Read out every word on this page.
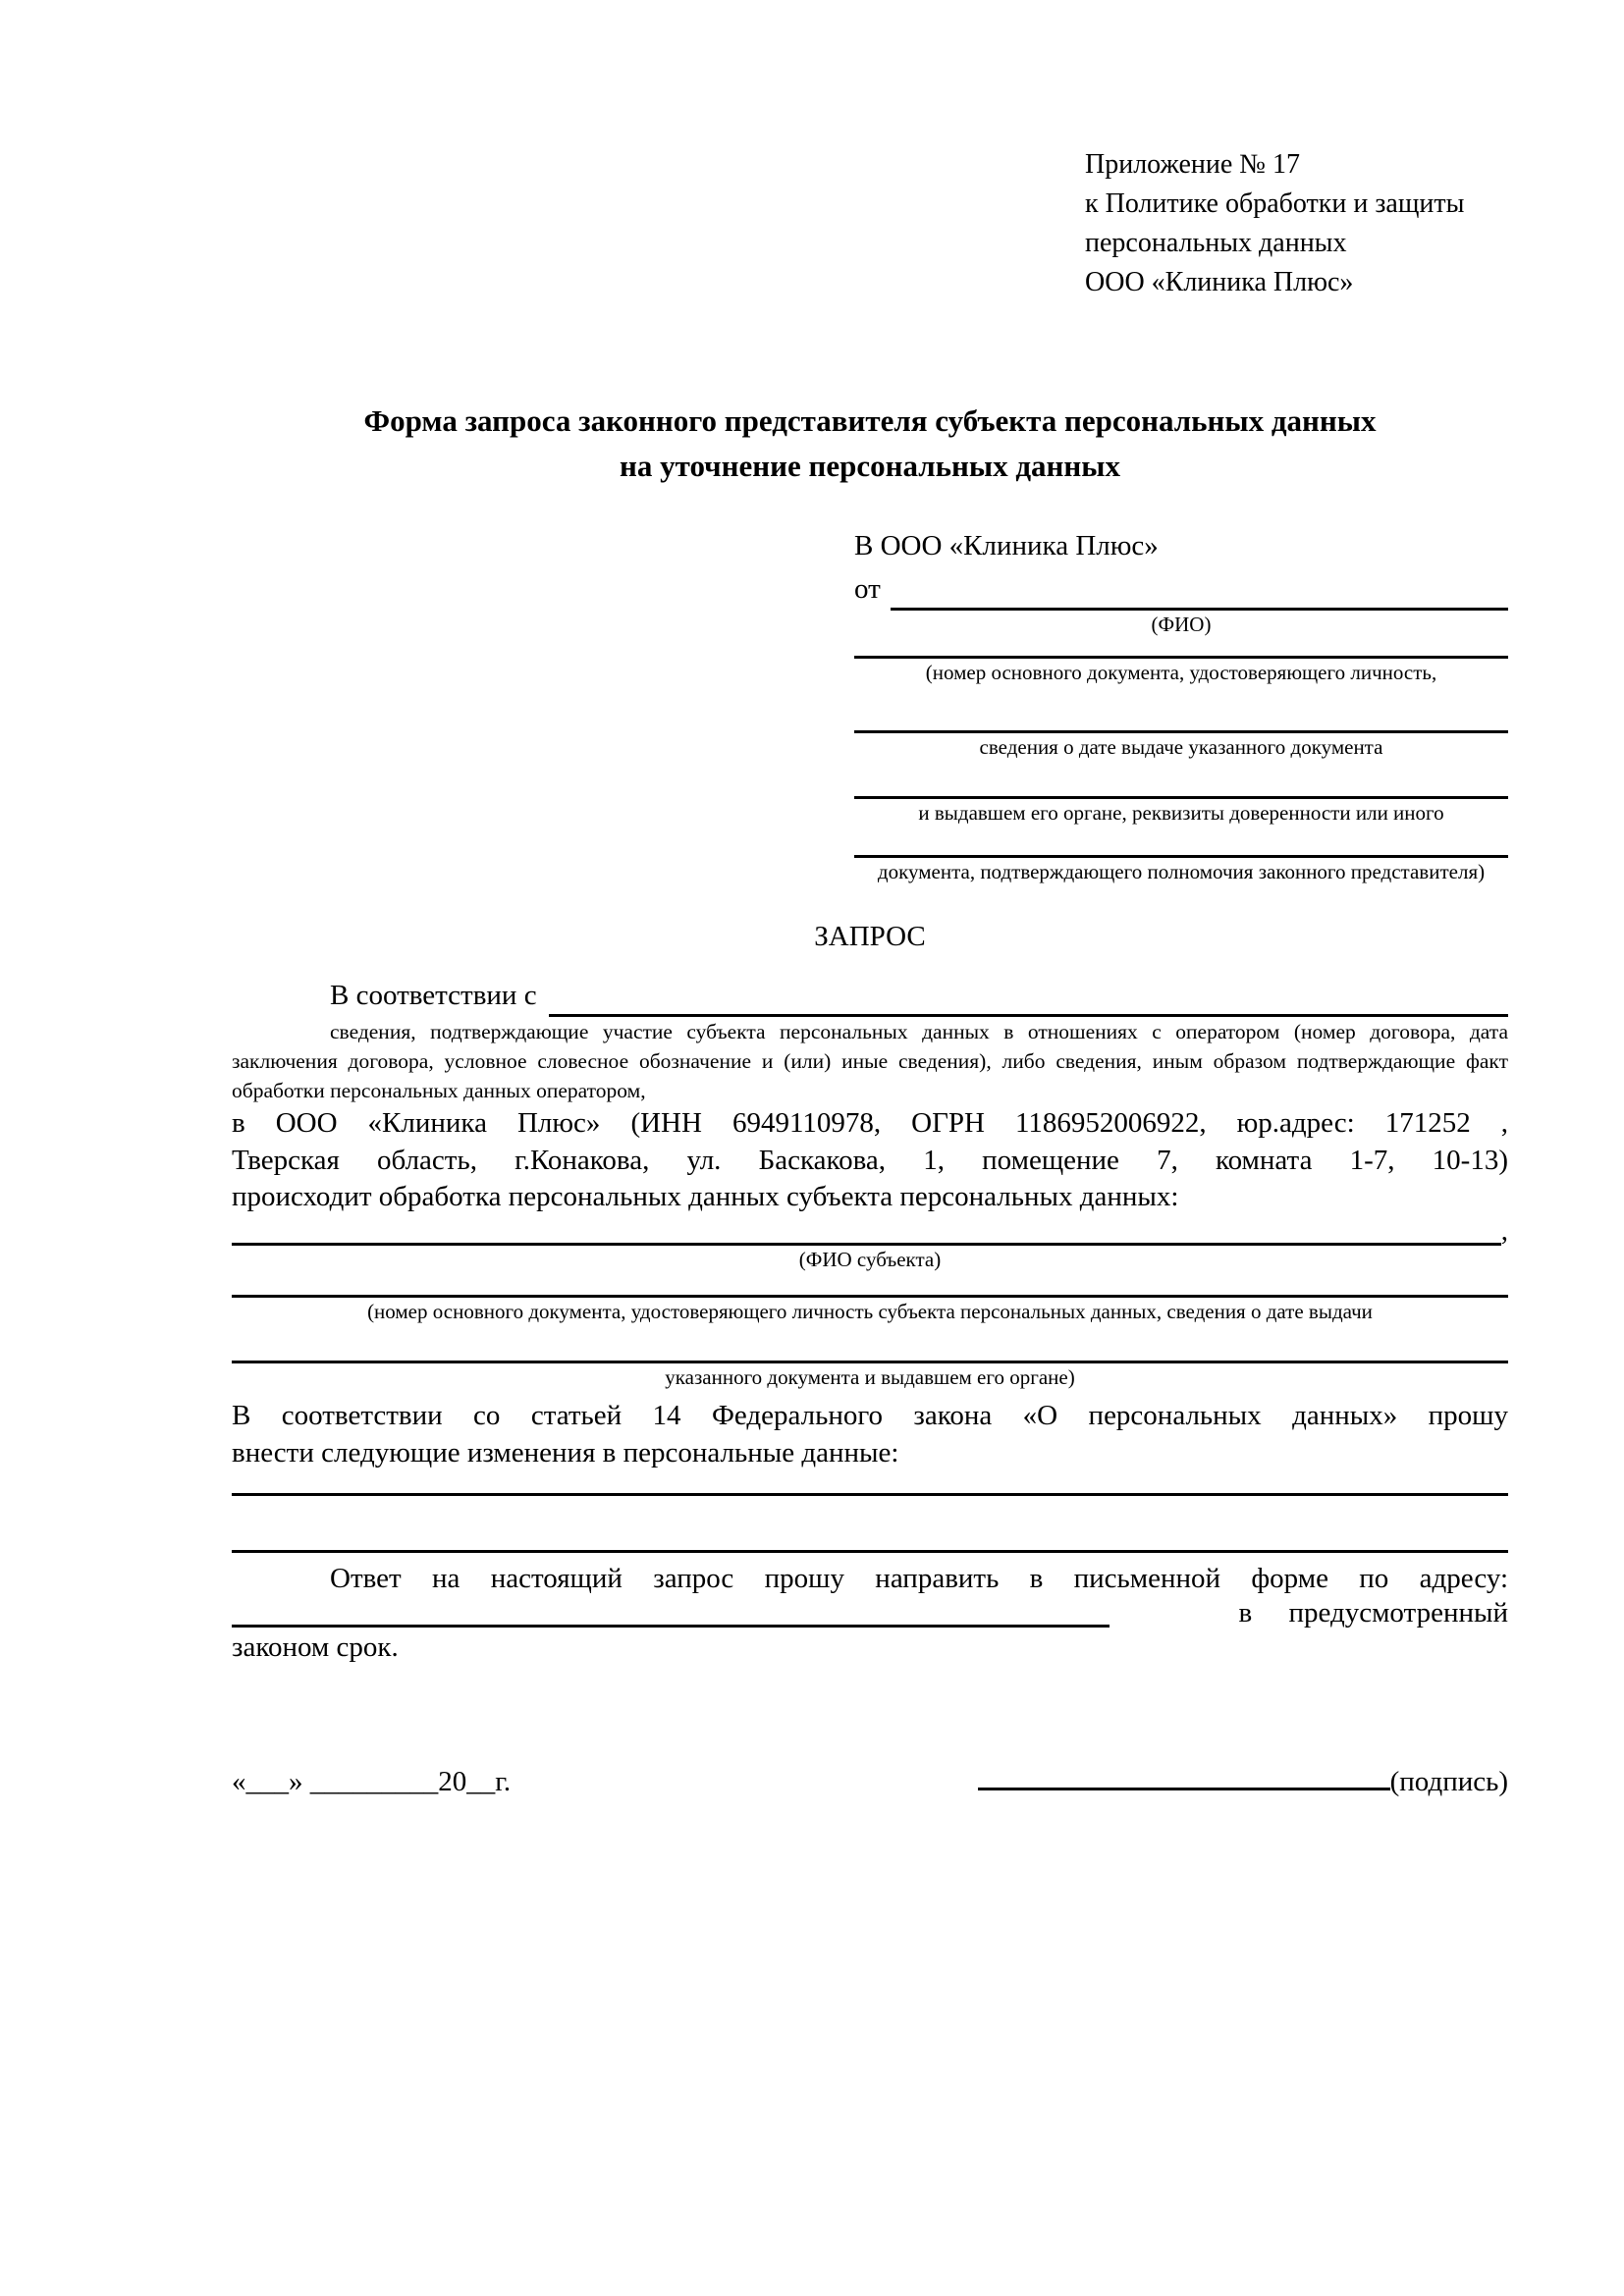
Приложение № 17
к Политике обработки и защиты
персональных данных
ООО «Клиника Плюс»
Форма запроса законного представителя субъекта персональных данных
на уточнение персональных данных
В ООО «Клиника Плюс»
от
(ФИО)
(номер основного документа, удостоверяющего личность,
сведения о дате выдаче указанного документа
и выдавшем его органе, реквизиты доверенности или иного
документа, подтверждающего полномочия законного представителя)
ЗАПРОС
В соответствии с
сведения, подтверждающие участие субъекта персональных данных в отношениях с оператором (номер договора, дата
заключения договора, условное словесное обозначение и (или) иные сведения), либо сведения, иным образом подтверждающие факт
обработки персональных данных оператором,
в ООО «Клиника Плюс» (ИНН 6949110978, ОГРН 1186952006922, юр.адрес: 171252 ,
Тверская область, г.Конакова, ул. Баскакова, 1, помещение 7, комната 1-7, 10-13)
происходит обработка персональных данных субъекта персональных данных:
,
(ФИО субъекта)
(номер основного документа, удостоверяющего личность субъекта персональных данных, сведения о дате выдачи
указанного документа и выдавшем его органе)
В соответствии со статьей 14 Федерального закона «О персональных данных» прошу
внести следующие изменения в персональные данные:
Ответ на настоящий запрос прошу направить в письменной форме по адресу:
в предусмотренный
законом срок.
«___» _________20__г.	(подпись)
